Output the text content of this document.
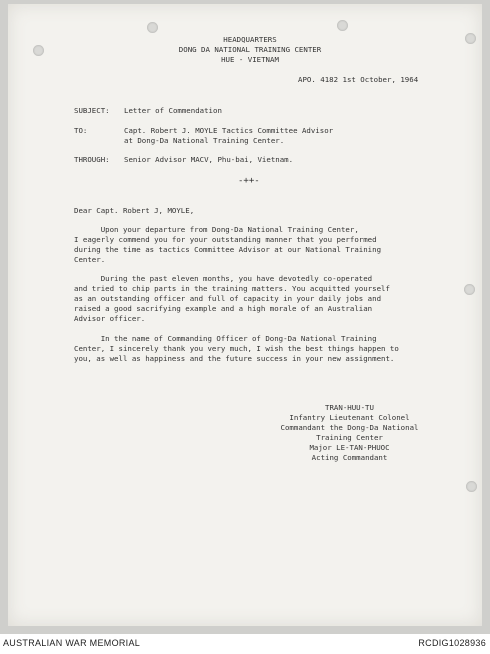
HEADQUARTERS
DONG DA NATIONAL TRAINING CENTER
HUE - VIETNAM
APO. 4182 1st October, 1964
SUBJECT: Letter of Commendation
TO:	Capt. Robert J. MOYLE Tactics Committee Advisor
at Dong-Da National Training Center.
THROUGH: Senior Advisor MACV, Phu-bai, Vietnam.
-++-
Dear Capt. Robert J, MOYLE,
Upon your departure from Dong-Da National Training Center,
I eagerly commend you for your outstanding manner that you performed
during the time as tactics Committee Advisor at our National Training
Center.
During the past eleven months, you have devotedly co-operated
and tried to chip parts in the training matters. You acquitted yourself
as an outstanding officer and full of capacity in your daily jobs and
raised a good sacrifying example and a high morale of an Australian
Advisor officer.
In the name of Commanding Officer of Dong-Da National Training
Center, I sincerely thank you very much, I wish the best things happen to
you, as well as happiness and the future success in your new assignment.
TRAN-HUU-TU
Infantry Lieutenant Colonel
Commandant the Dong-Da National
Training Center
Major LE-TAN-PHUOC
Acting Commandant
AUSTRALIAN WAR MEMORIAL	RCDIG1028936
